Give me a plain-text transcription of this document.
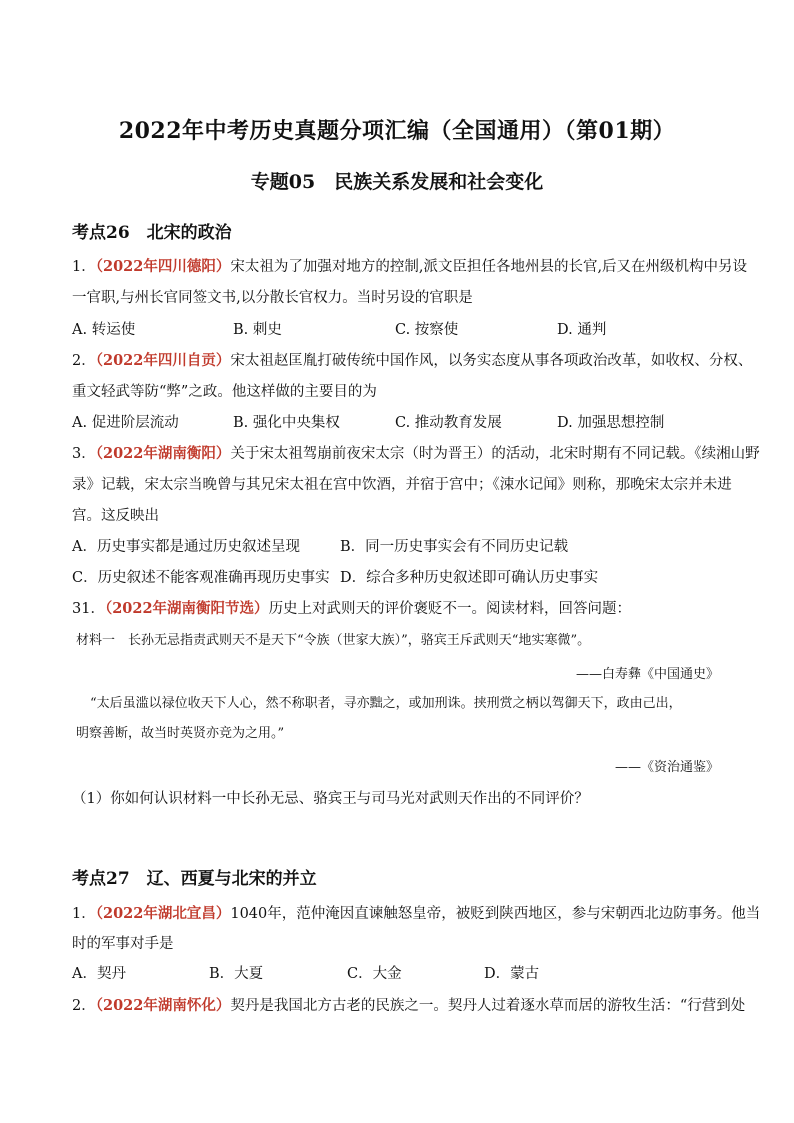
2022年中考历史真题分项汇编（全国通用）（第01期）
专题05　民族关系发展和社会变化
考点26　北宋的政治
1．（2022年四川德阳）宋太祖为了加强对地方的控制,派文臣担任各地州县的长官,后又在州级机构中另设
一官职,与州长官同签文书,以分散长官权力。当时另设的官职是
A. 转运使	B. 刺史	C. 按察使	D. 通判
2．（2022年四川自贡）宋太祖赵匡胤打破传统中国作风，以务实态度从事各项政治改革，如收权、分权、
重文轻武等防“弊”之政。他这样做的主要目的为
A. 促进阶层流动	B. 强化中央集权	C. 推动教育发展	D. 加强思想控制
3．（2022年湖南衡阳）关于宋太祖驾崩前夜宋太宗（时为晋王）的活动，北宋时期有不同记载。《续湘山野
录》记载，宋太宗当晚曾与其兄宋太祖在宫中饮酒，并宿于宫中；《涑水记闻》则称，那晚宋太宗并未进
宫。这反映出
A．历史事实都是通过历史叙述呈现	B．同一历史事实会有不同历史记载
C．历史叙述不能客观准确再现历史事实 D．综合多种历史叙述即可确认历史事实
31．（2022年湖南衡阳节选）历史上对武则天的评价褒贬不一。阅读材料，回答问题：
材料一　长孙无忌指责武则天不是天下“令族（世家大族）”，骆宾王斥武则天“地实寒微”。
——白寿彝《中国通史》
“太后虽滥以禄位收天下人心，然不称职者，寻亦黜之，或加刑诛。挟刑赏之柄以驾御天下，政由己出，
明察善断，故当时英贤亦竞为之用。”
——《资治通鉴》
（1）你如何认识材料一中长孙无忌、骆宾王与司马光对武则天作出的不同评价？
考点27　辽、西夏与北宋的并立
1．（2022年湖北宜昌）1040年，范仲淹因直谏触怒皇帝，被贬到陕西地区，参与宋朝西北边防事务。他当
时的军事对手是
A．契丹	B．大夏	C．大金	D．蒙古
2．（2022年湖南怀化）契丹是我国北方古老的民族之一。契丹人过着逐水草而居的游牧生活：“行营到处
